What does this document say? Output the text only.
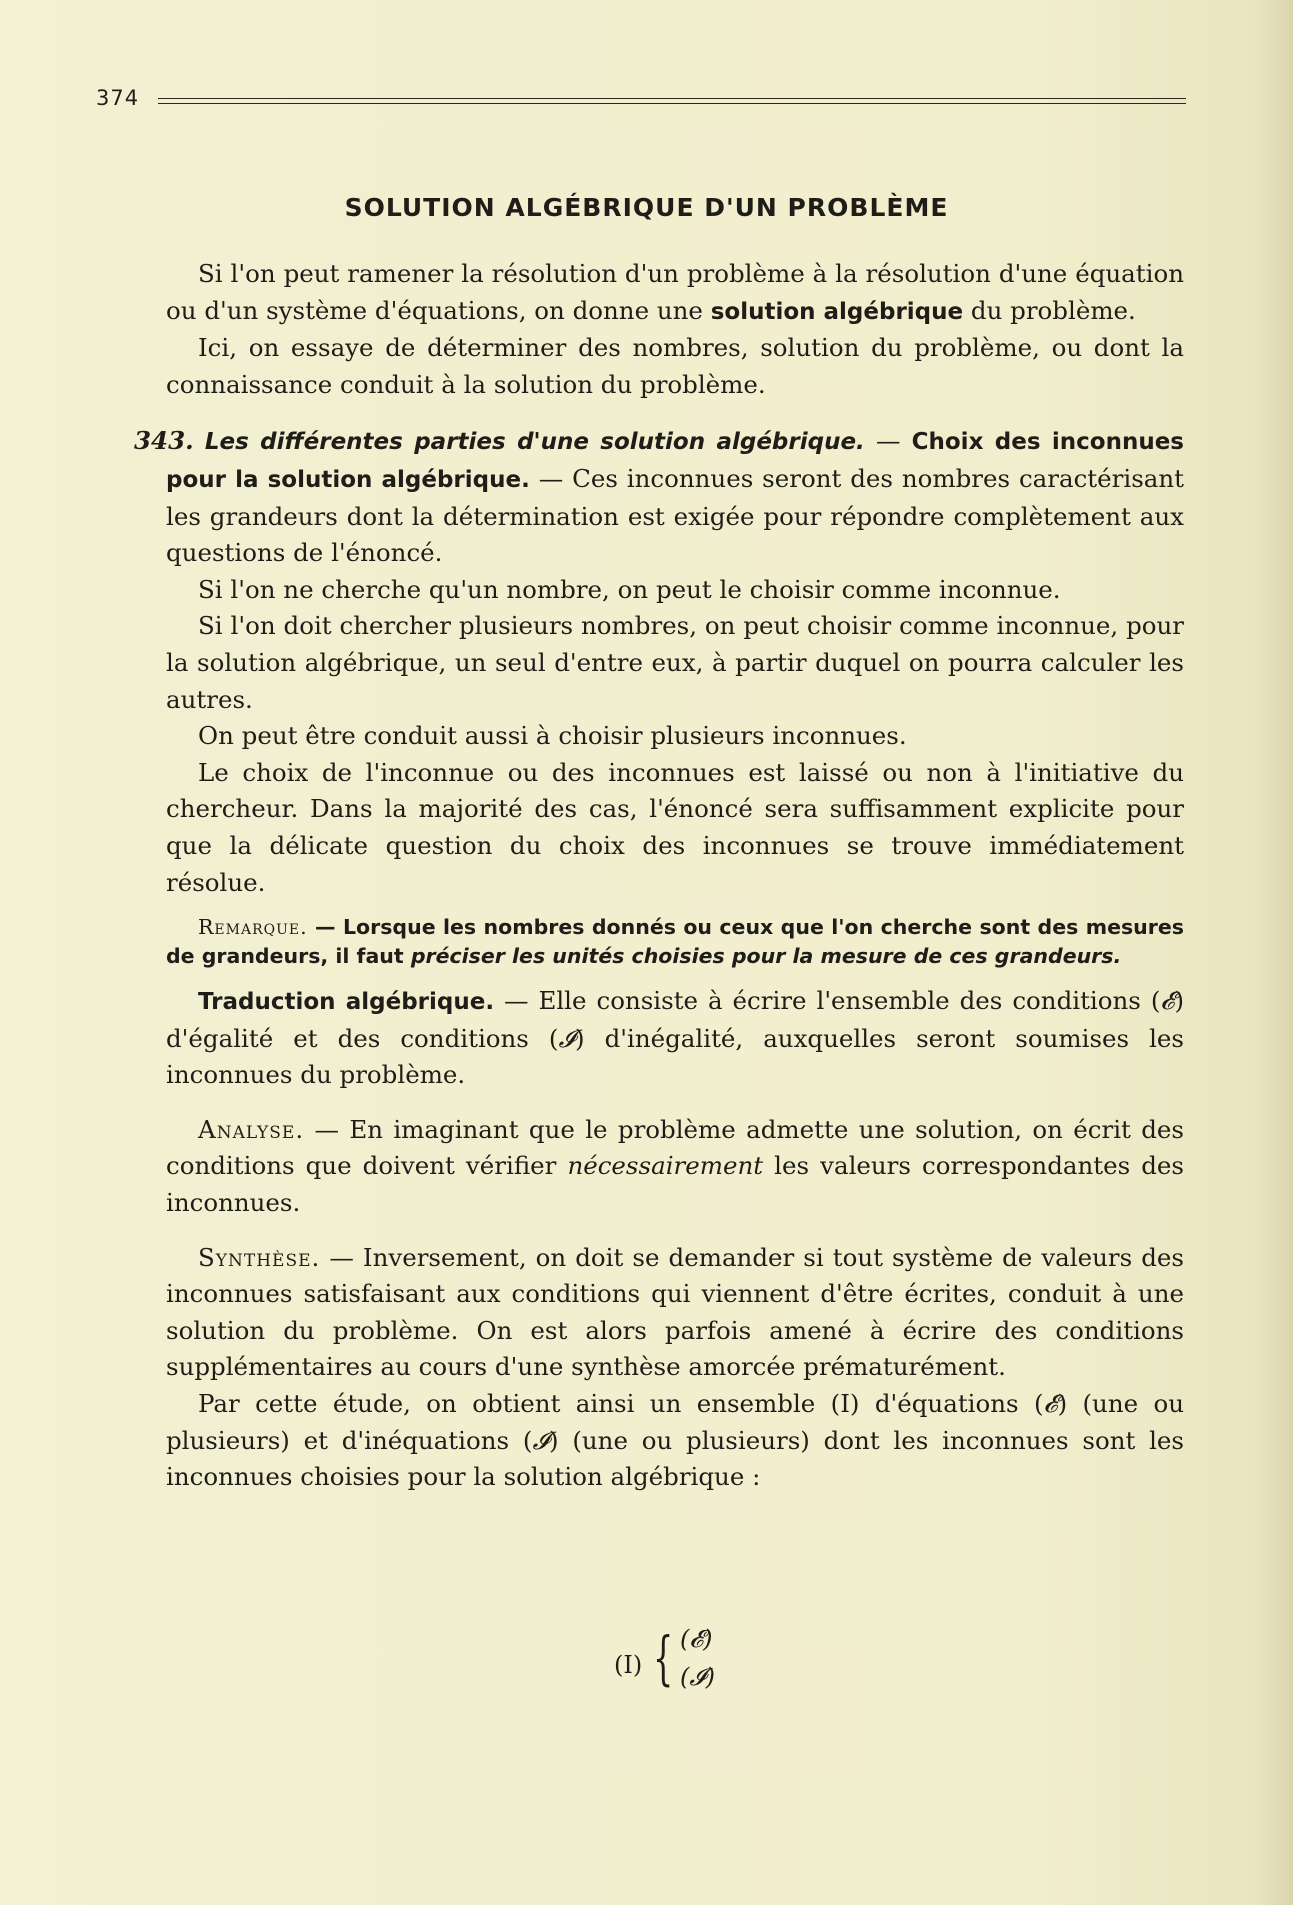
374
SOLUTION ALGÉBRIQUE D'UN PROBLÈME

Si l'on peut ramener la résolution d'un problème à la résolution d'une équation ou d'un système d'équations, on donne une solution algébrique du problème.

Ici, on essaye de déterminer des nombres, solution du problème, ou dont la connaissance conduit à la solution du problème.

343. Les différentes parties d'une solution algébrique. — Choix des inconnues pour la solution algébrique. — Ces inconnues seront des nombres caractérisant les grandeurs dont la détermination est exigée pour répondre complètement aux questions de l'énoncé.

Si l'on ne cherche qu'un nombre, on peut le choisir comme inconnue.

Si l'on doit chercher plusieurs nombres, on peut choisir comme inconnue, pour la solution algébrique, un seul d'entre eux, à partir duquel on pourra calculer les autres.

On peut être conduit aussi à choisir plusieurs inconnues.

Le choix de l'inconnue ou des inconnues est laissé ou non à l'initiative du chercheur. Dans la majorité des cas, l'énoncé sera suffisamment explicite pour que la délicate question du choix des inconnues se trouve immédiatement résolue.

Remarque. — Lorsque les nombres donnés ou ceux que l'on cherche sont des mesures de grandeurs, il faut préciser les unités choisies pour la mesure de ces grandeurs.

Traduction algébrique. — Elle consiste à écrire l'ensemble des conditions (𝓔) d'égalité et des conditions (𝓘) d'inégalité, auxquelles seront soumises les inconnues du problème.

Analyse. — En imaginant que le problème admette une solution, on écrit des conditions que doivent vérifier nécessairement les valeurs correspondantes des inconnues.

Synthèse. — Inversement, on doit se demander si tout système de valeurs des inconnues satisfaisant aux conditions qui viennent d'être écrites, conduit à une solution du problème. On est alors parfois amené à écrire des conditions supplémentaires au cours d'une synthèse amorcée prématurément.

Par cette étude, on obtient ainsi un ensemble (I) d'équations (𝓔) (une ou plusieurs) et d'inéquations (𝓘) (une ou plusieurs) dont les inconnues sont les inconnues choisies pour la solution algébrique :

(I) { (𝓔)
(𝓘)
